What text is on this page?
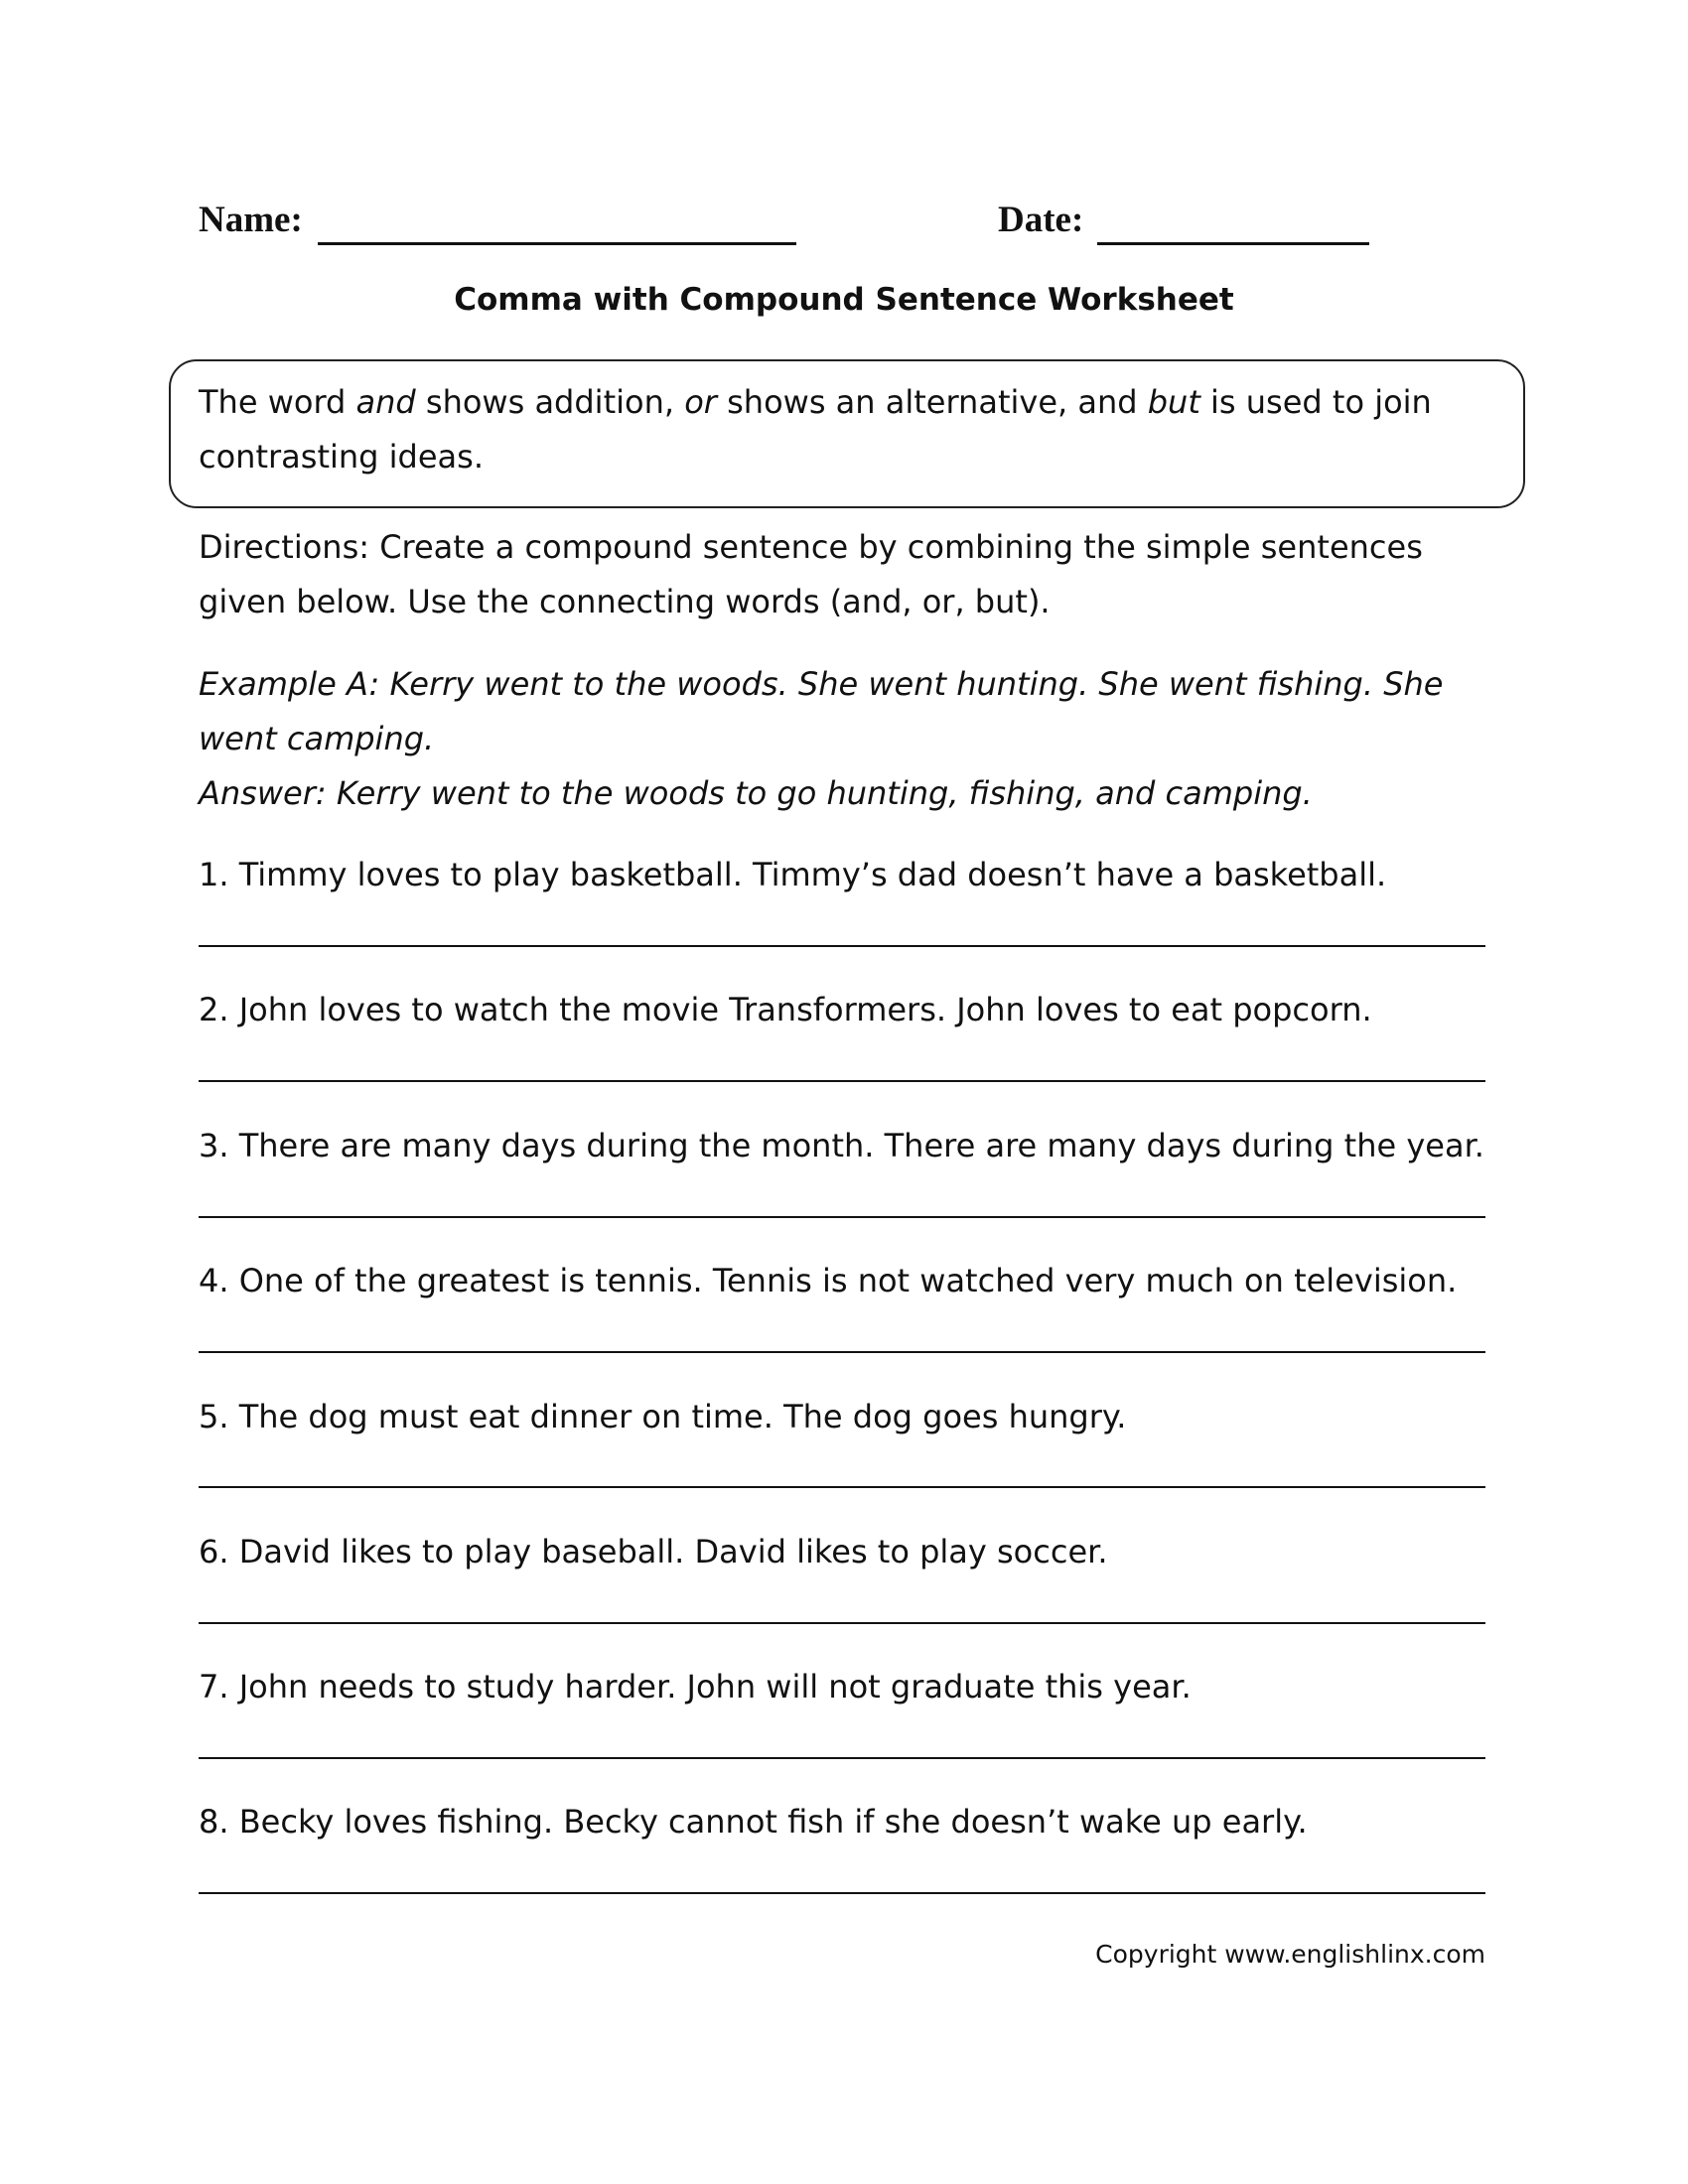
Name:	Date:
Comma with Compound Sentence Worksheet
The word and shows addition, or shows an alternative, and but is used to join contrasting ideas.
Directions: Create a compound sentence by combining the simple sentences given below. Use the connecting words (and, or, but).
Example A: Kerry went to the woods. She went hunting. She went fishing. She went camping.
Answer: Kerry went to the woods to go hunting, fishing, and camping.
1. Timmy loves to play basketball. Timmy’s dad doesn’t have a basketball.
2. John loves to watch the movie Transformers. John loves to eat popcorn.
3. There are many days during the month. There are many days during the year.
4. One of the greatest is tennis. Tennis is not watched very much on television.
5. The dog must eat dinner on time. The dog goes hungry.
6. David likes to play baseball. David likes to play soccer.
7. John needs to study harder. John will not graduate this year.
8. Becky loves fishing. Becky cannot fish if she doesn’t wake up early.
Copyright www.englishlinx.com
